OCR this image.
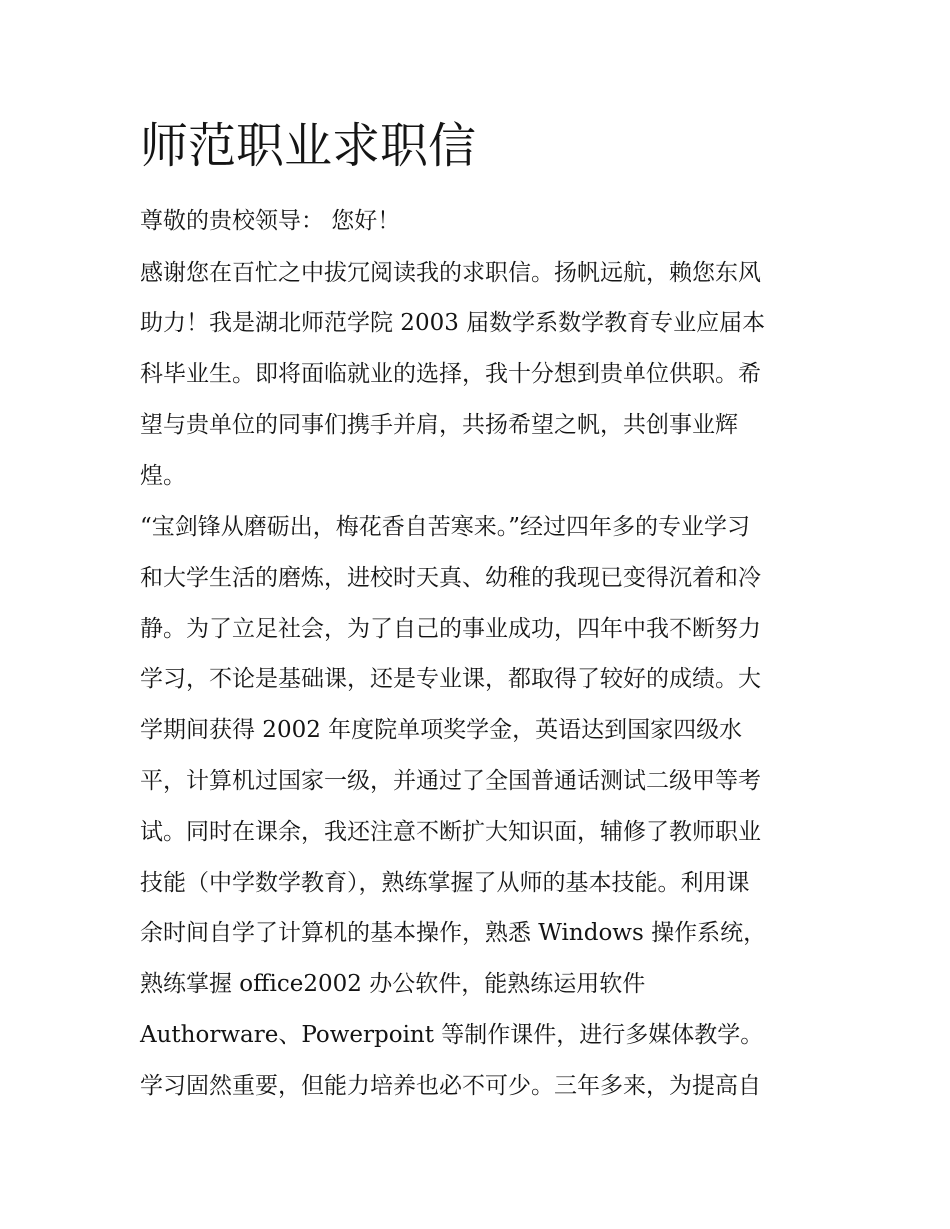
师范职业求职信

尊敬的贵校领导： 您好！

感谢您在百忙之中拔冗阅读我的求职信。扬帆远航，赖您东风

助力！我是湖北师范学院 2003 届数学系数学教育专业应届本

科毕业生。即将面临就业的选择，我十分想到贵单位供职。希

望与贵单位的同事们携手并肩，共扬希望之帆，共创事业辉

煌。

“宝剑锋从磨砺出，梅花香自苦寒来。”经过四年多的专业学习

和大学生活的磨炼，进校时天真、幼稚的我现已变得沉着和冷

静。为了立足社会，为了自己的事业成功，四年中我不断努力

学习，不论是基础课，还是专业课，都取得了较好的成绩。大

学期间获得 2002 年度院单项奖学金，英语达到国家四级水

平，计算机过国家一级，并通过了全国普通话测试二级甲等考

试。同时在课余，我还注意不断扩大知识面，辅修了教师职业

技能（中学数学教育），熟练掌握了从师的基本技能。利用课

余时间自学了计算机的基本操作，熟悉 Windows 操作系统，

熟练掌握 office2002 办公软件，能熟练运用软件

Authorware、Powerpoint 等制作课件，进行多媒体教学。

学习固然重要，但能力培养也必不可少。三年多来，为提高自
